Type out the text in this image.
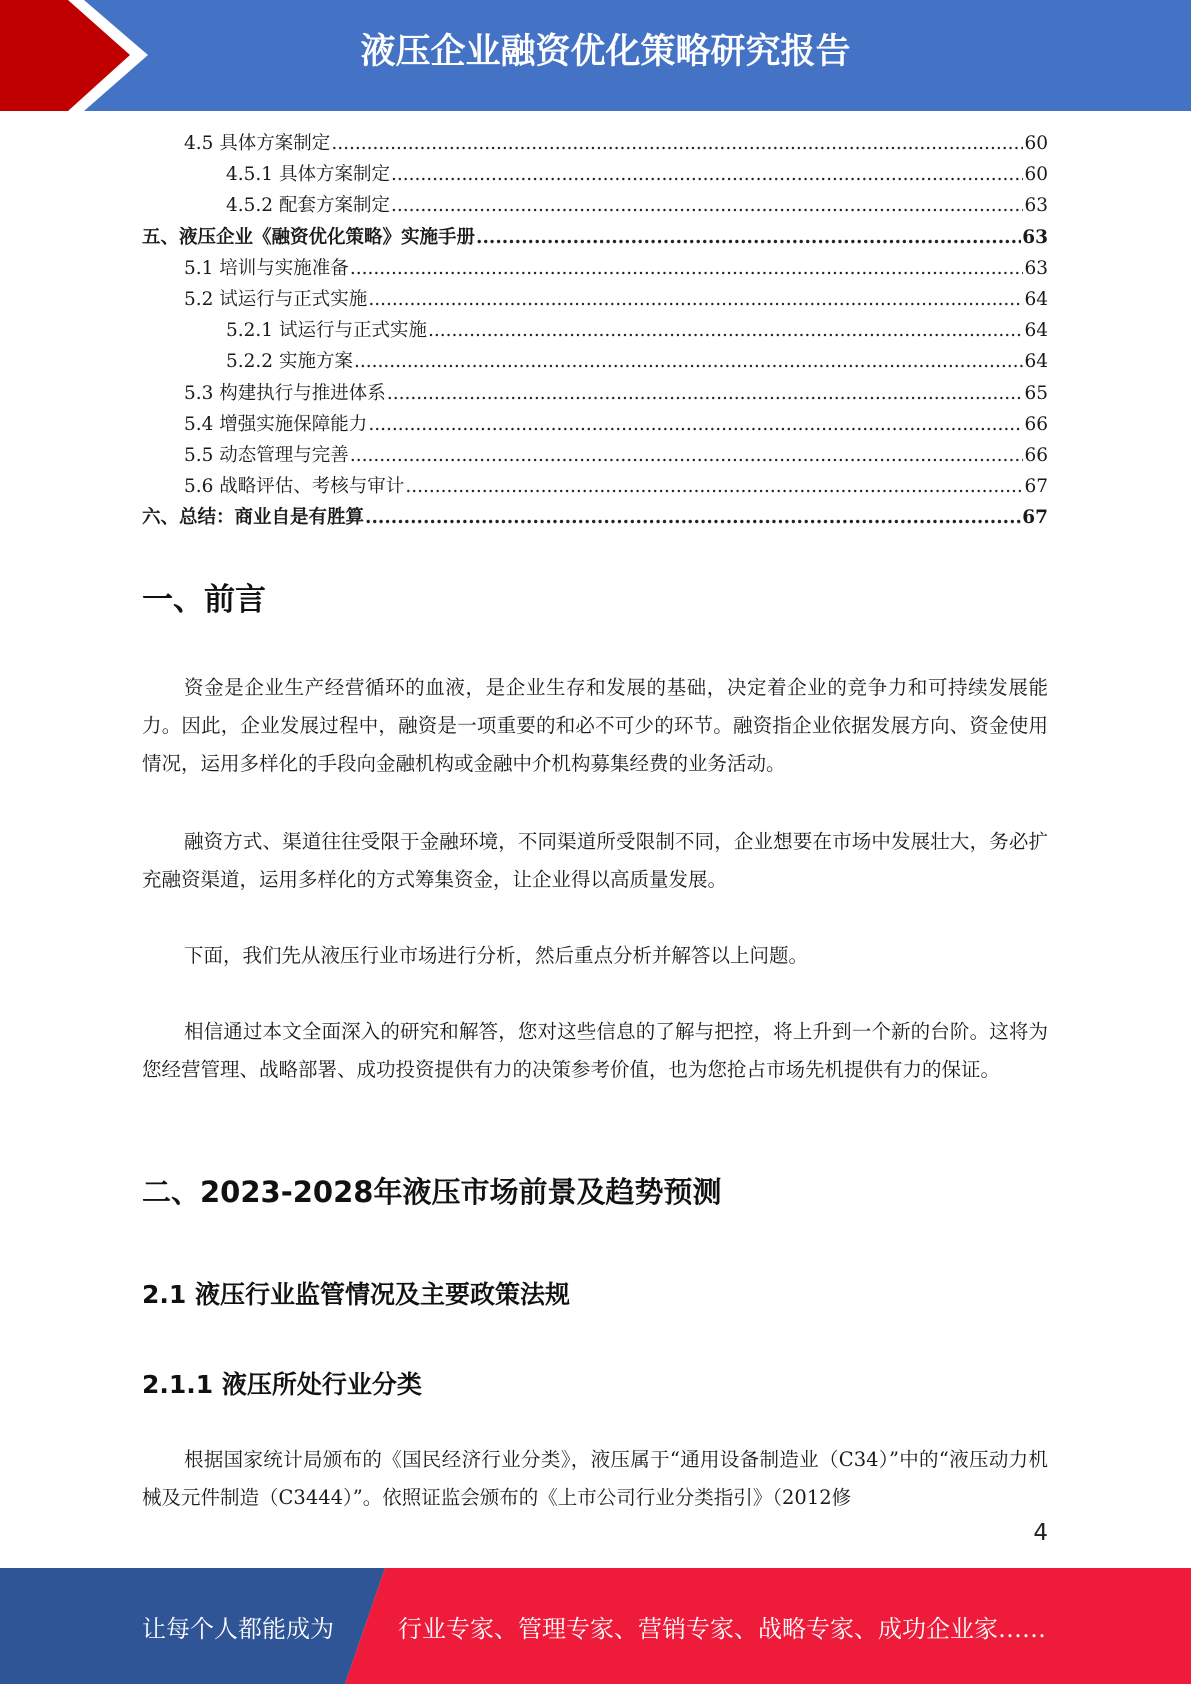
液压企业融资优化策略研究报告
4.5 具体方案制定 .....	60
4.5.1 具体方案制定 .....	60
4.5.2 配套方案制定 .....	63
五、液压企业《融资优化策略》实施手册 .....	63
5.1 培训与实施准备 .....	63
5.2 试运行与正式实施 .....	64
5.2.1 试运行与正式实施 .....	64
5.2.2 实施方案 .....	64
5.3 构建执行与推进体系 .....	65
5.4 增强实施保障能力 .....	66
5.5 动态管理与完善 .....	66
5.6 战略评估、考核与审计 .....	67
六、总结：商业自是有胜算 .....	67
一、前言
资金是企业生产经营循环的血液，是企业生存和发展的基础，决定着企业的竞争力和可持续发展能力。因此，企业发展过程中，融资是一项重要的和必不可少的环节。融资指企业依据发展方向、资金使用情况，运用多样化的手段向金融机构或金融中介机构募集经费的业务活动。
融资方式、渠道往往受限于金融环境，不同渠道所受限制不同，企业想要在市场中发展壮大，务必扩充融资渠道，运用多样化的方式筹集资金，让企业得以高质量发展。
下面，我们先从液压行业市场进行分析，然后重点分析并解答以上问题。
相信通过本文全面深入的研究和解答，您对这些信息的了解与把控，将上升到一个新的台阶。这将为您经营管理、战略部署、成功投资提供有力的决策参考价值，也为您抢占市场先机提供有力的保证。
二、2023-2028年液压市场前景及趋势预测
2.1 液压行业监管情况及主要政策法规
2.1.1 液压所处行业分类
根据国家统计局颁布的《国民经济行业分类》，液压属于“通用设备制造业（C34）”中的“液压动力机械及元件制造（C3444）”。依照证监会颁布的《上市公司行业分类指引》（2012修
4
让每个人都能成为	行业专家、管理专家、营销专家、战略专家、成功企业家……
